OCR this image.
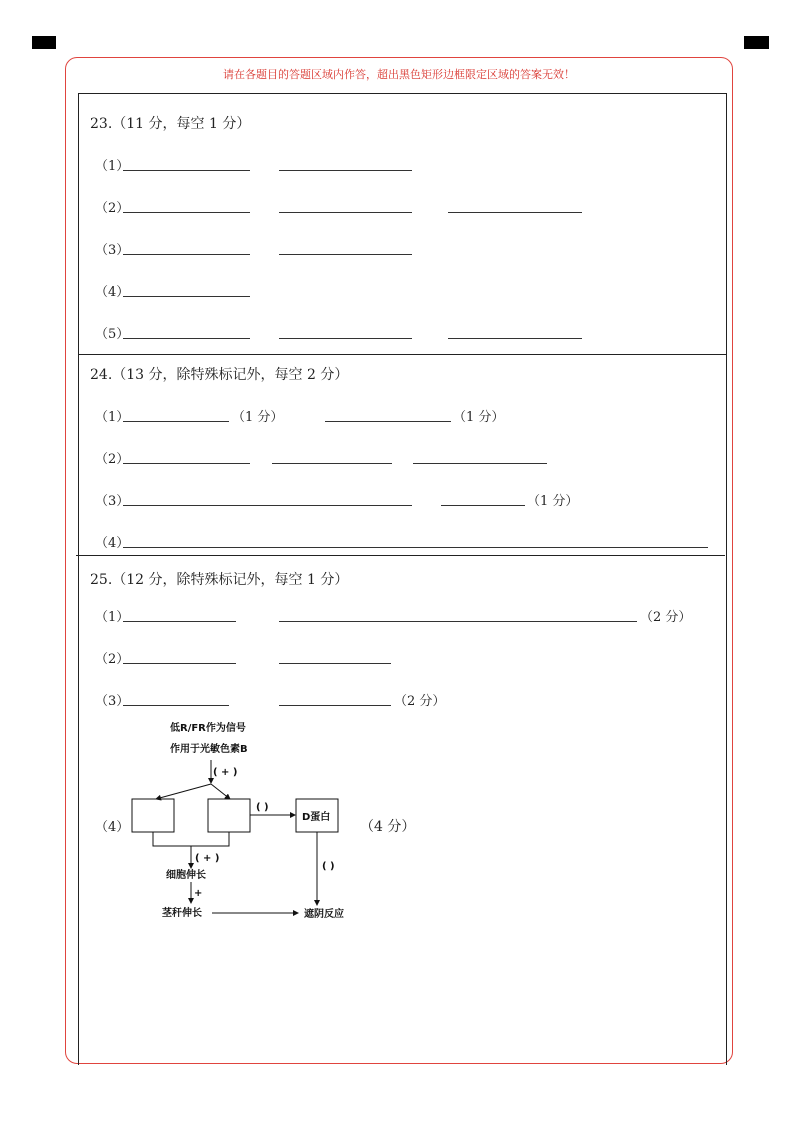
请在各题目的答题区域内作答，超出黑色矩形边框限定区域的答案无效！
23.（11 分，每空 1 分）
（1）
（2）
（3）
（4）
（5）
24.（13 分，除特殊标记外，每空 2 分）
（1）	（1 分）	（1 分）
（2）
（3）	（1 分）
（4）
25.（12 分，除特殊标记外，每空 1 分）
（1）	（2 分）
（2）
（3）	（2 分）
（4）	（4 分）
低R/FR作为信号
作用于光敏色素B
( + )
( )
D蛋白
( + )
细胞伸长
+
茎秆伸长
( )
遮阴反应
